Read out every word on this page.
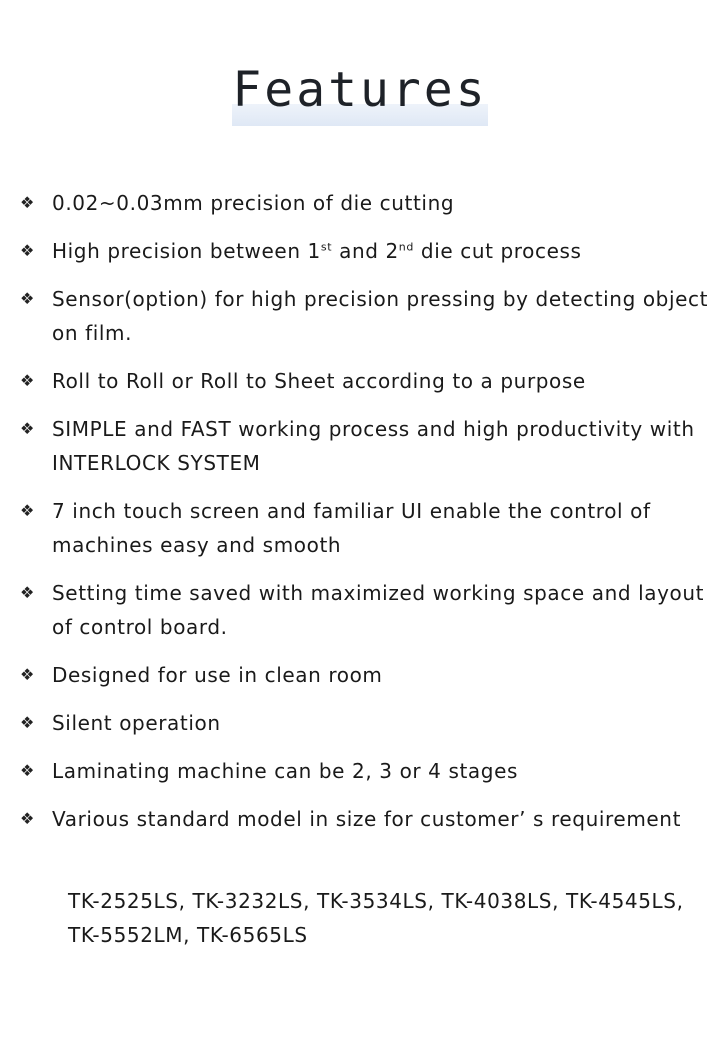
Features
❖ 0.02~0.03mm precision of die cutting
❖ High precision between 1st and 2nd die cut process
❖ Sensor(option) for high precision pressing by detecting object on film.
❖ Roll to Roll or Roll to Sheet according to a purpose
❖ SIMPLE and FAST working process and high productivity with INTERLOCK SYSTEM
❖ 7 inch touch screen and familiar UI enable the control of machines easy and smooth
❖ Setting time saved with maximized working space and layout of control board.
❖ Designed for use in clean room
❖ Silent operation
❖ Laminating machine can be 2, 3 or 4 stages
❖ Various standard model in size for customer’ s requirement
TK-2525LS, TK-3232LS, TK-3534LS, TK-4038LS, TK-4545LS, TK-5552LM, TK-6565LS
